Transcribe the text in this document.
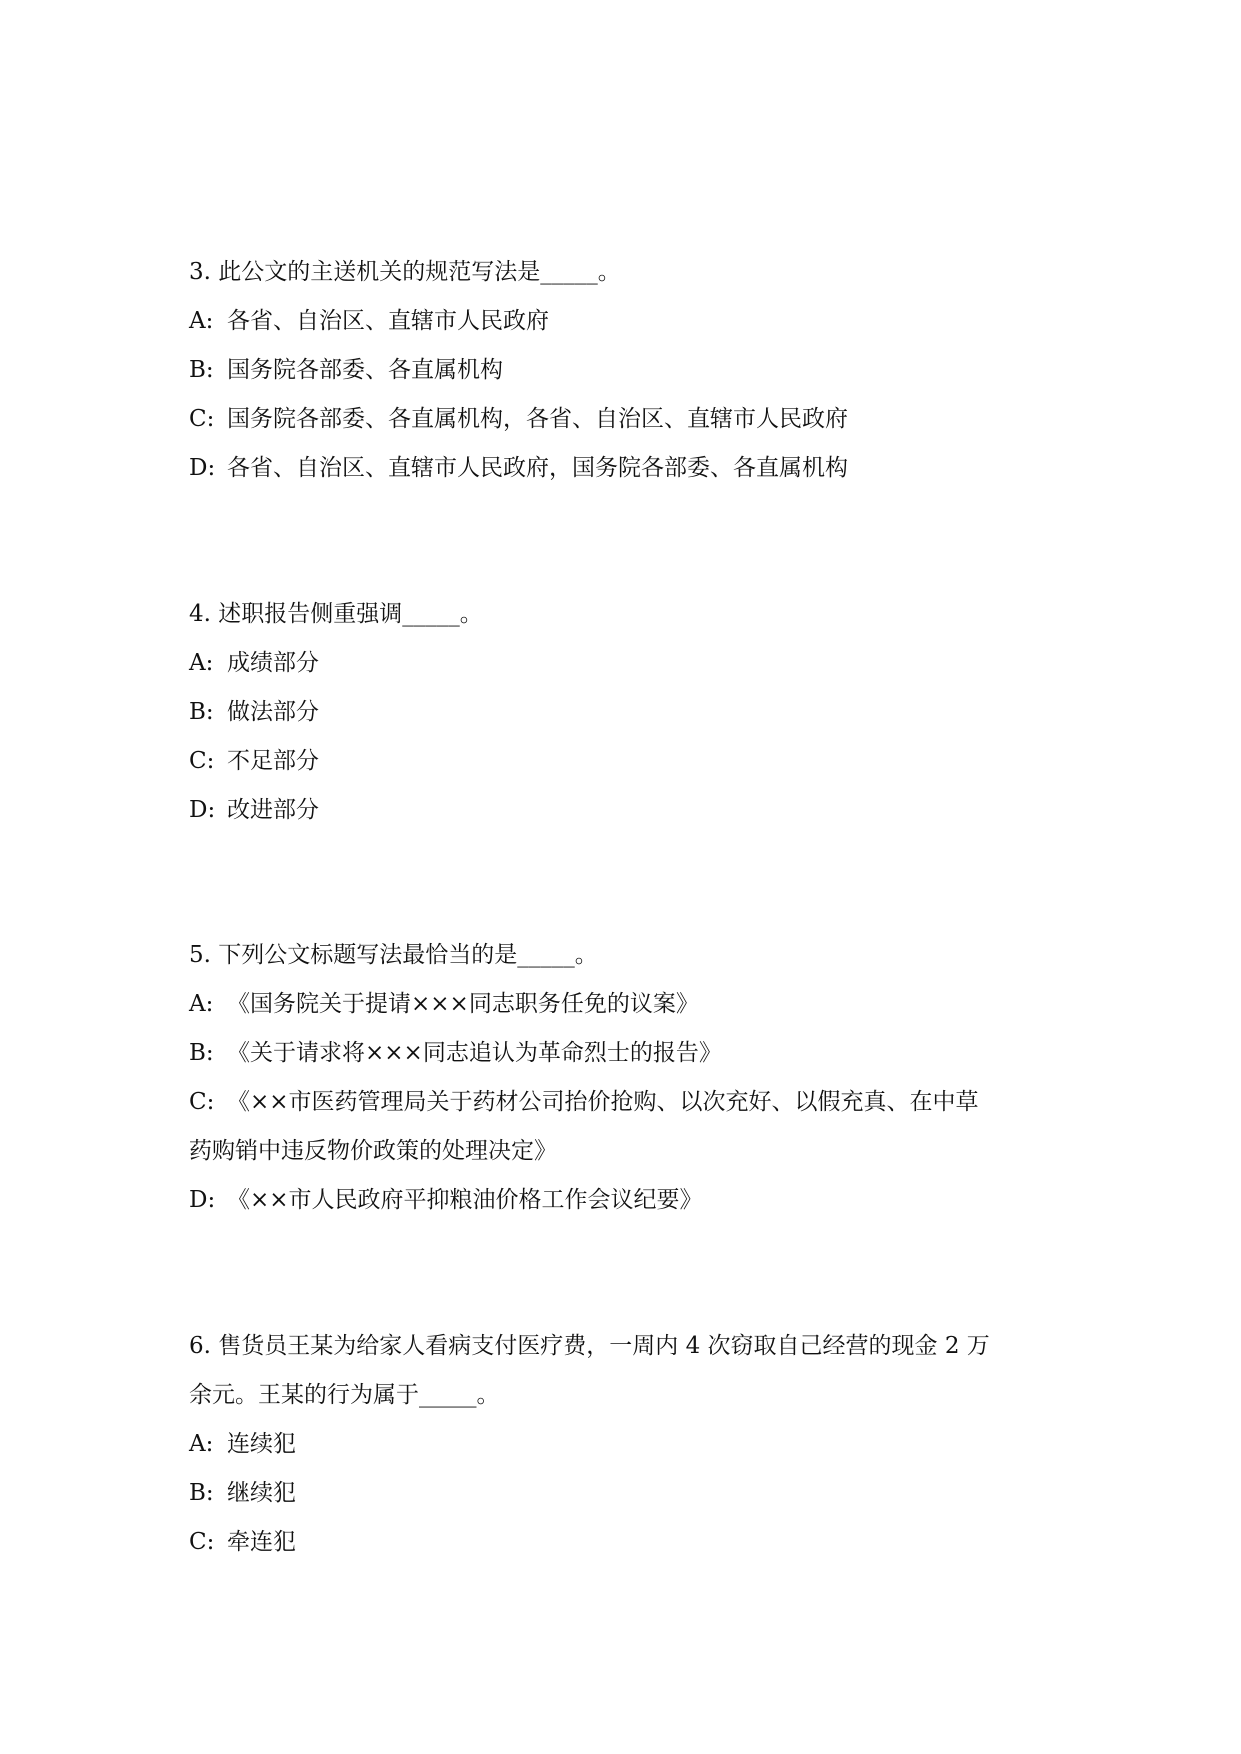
3. 此公文的主送机关的规范写法是_____。

A: 各省、自治区、直辖市人民政府

B: 国务院各部委、各直属机构

C: 国务院各部委、各直属机构，各省、自治区、直辖市人民政府

D: 各省、自治区、直辖市人民政府，国务院各部委、各直属机构

4. 述职报告侧重强调_____。

A: 成绩部分

B: 做法部分

C: 不足部分

D: 改进部分

5. 下列公文标题写法最恰当的是_____。

A: 《国务院关于提请×××同志职务任免的议案》

B: 《关于请求将×××同志追认为革命烈士的报告》

C: 《××市医药管理局关于药材公司抬价抢购、以次充好、以假充真、在中草

药购销中违反物价政策的处理决定》

D: 《××市人民政府平抑粮油价格工作会议纪要》

6. 售货员王某为给家人看病支付医疗费，一周内 4 次窃取自己经营的现金 2 万

余元。王某的行为属于_____。

A: 连续犯

B: 继续犯

C: 牵连犯
